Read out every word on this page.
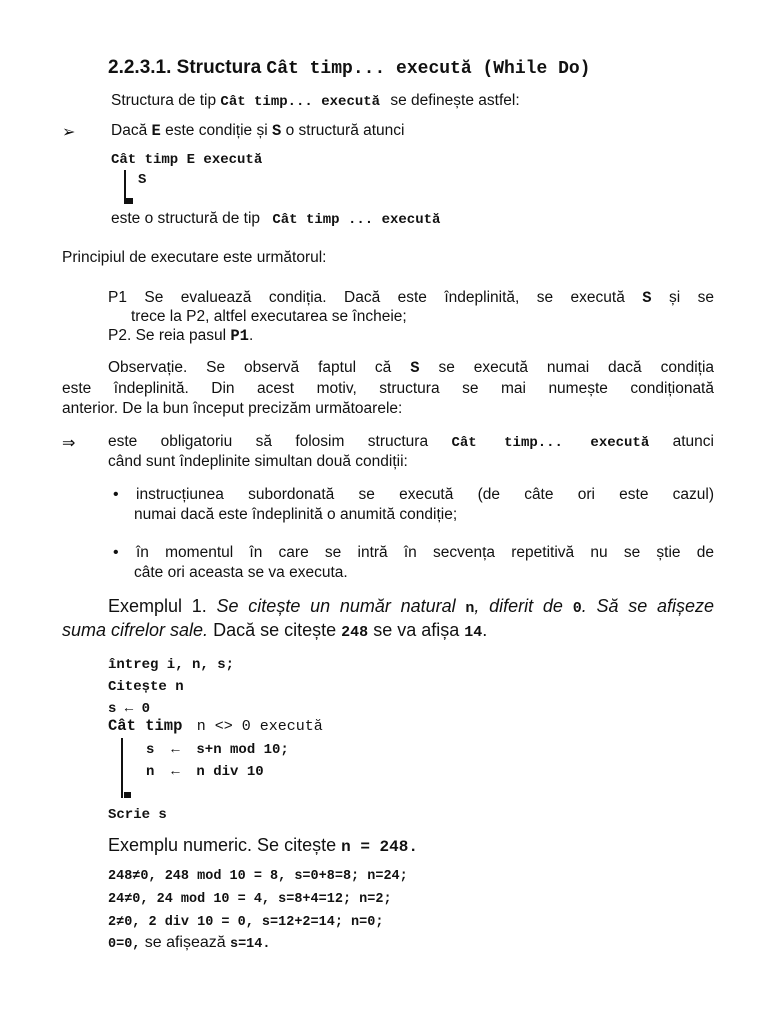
2.2.3.1. Structura Cât timp... execută (While Do)
Structura de tip Cât timp... execută se definește astfel:
➢ Dacă E este condiție și S o structură atunci
Cât timp E execută
S
este o structură de tip Cât timp ... execută
Principiul de executare este următorul:
P1 Se evaluează condiția. Dacă este îndeplinită, se execută S și se
trece la P2, altfel executarea se încheie;
P2. Se reia pasul P1.
Observație. Se observă faptul că S se execută numai dacă condiția
este îndeplinită. Din acest motiv, structura se mai numește condiționată
anterior. De la bun început precizăm următoarele:
⇒ este obligatoriu să folosim structura Cât timp... execută atunci
când sunt îndeplinite simultan două condiții:
• instrucțiunea subordonată se execută (de câte ori este cazul)
numai dacă este îndeplinită o anumită condiție;
• în momentul în care se intră în secvența repetitivă nu se știe de
câte ori aceasta se va executa.
Exemplul 1. Se citește un număr natural n, diferit de 0. Să se afișeze
suma cifrelor sale. Dacă se citește 248 se va afișa 14.
întreg i, n, s;
Citește n
s ← 0
Cât timp n <> 0 execută
s  ←  s+n mod 10;
n  ←  n div 10
Scrie s
Exemplu numeric. Se citește n = 248.
248≠0, 248 mod 10 = 8, s=0+8=8; n=24;
24≠0, 24 mod 10 = 4, s=8+4=12; n=2;
2≠0, 2 div 10 = 0, s=12+2=14; n=0;
0=0, se afișează s=14.
